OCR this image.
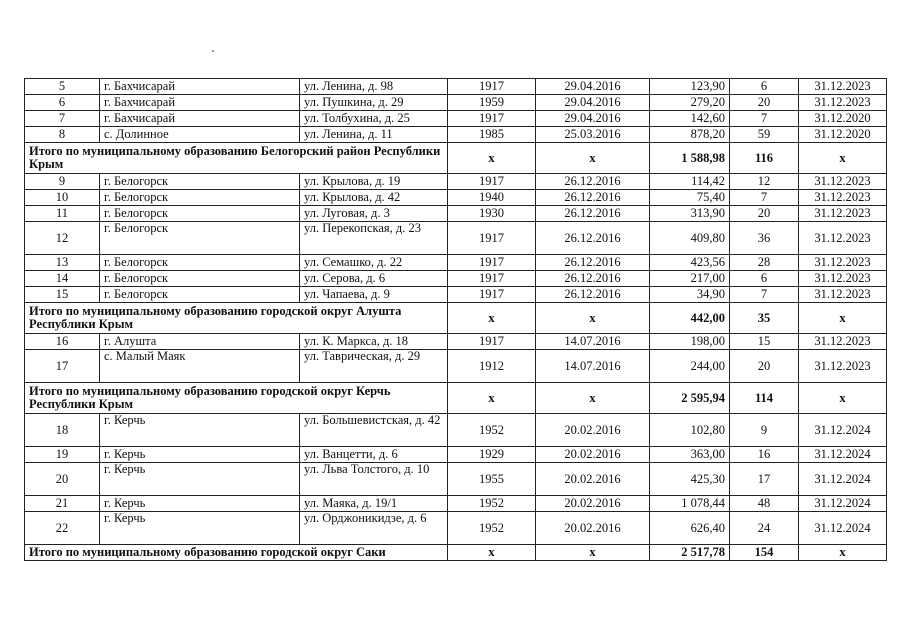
5	г. Бахчисарай	ул. Ленина, д. 98	1917	29.04.2016	123,90	6	31.12.2023
6	г. Бахчисарай	ул. Пушкина, д. 29	1959	29.04.2016	279,20	20	31.12.2023
7	г. Бахчисарай	ул. Толбухина, д. 25	1917	29.04.2016	142,60	7	31.12.2020
8	с. Долинное	ул. Ленина, д. 11	1985	25.03.2016	878,20	59	31.12.2020
Итого по муниципальному образованию Белогорский район Республики Крым			х	х	1 588,98	116	х
9	г. Белогорск	ул. Крылова, д. 19	1917	26.12.2016	114,42	12	31.12.2023
10	г. Белогорск	ул. Крылова, д. 42	1940	26.12.2016	75,40	7	31.12.2023
11	г. Белогорск	ул. Луговая, д. 3	1930	26.12.2016	313,90	20	31.12.2023
12	г. Белогорск	ул. Перекопская, д. 23	1917	26.12.2016	409,80	36	31.12.2023
13	г. Белогорск	ул. Семашко, д. 22	1917	26.12.2016	423,56	28	31.12.2023
14	г. Белогорск	ул. Серова, д. 6	1917	26.12.2016	217,00	6	31.12.2023
15	г. Белогорск	ул. Чапаева, д. 9	1917	26.12.2016	34,90	7	31.12.2023
Итого по муниципальному образованию городской округ Алушта Республики Крым			х	х	442,00	35	х
16	г. Алушта	ул. К. Маркса, д. 18	1917	14.07.2016	198,00	15	31.12.2023
17	с. Малый Маяк	ул. Таврическая, д. 29	1912	14.07.2016	244,00	20	31.12.2023
Итого по муниципальному образованию городской округ Керчь Республики Крым			х	х	2 595,94	114	х
18	г. Керчь	ул. Большевистская, д. 42	1952	20.02.2016	102,80	9	31.12.2024
19	г. Керчь	ул. Ванцетти, д. 6	1929	20.02.2016	363,00	16	31.12.2024
20	г. Керчь	ул. Льва Толстого, д. 10	1955	20.02.2016	425,30	17	31.12.2024
21	г. Керчь	ул. Маяка, д. 19/1	1952	20.02.2016	1 078,44	48	31.12.2024
22	г. Керчь	ул. Орджоникидзе, д. 6	1952	20.02.2016	626,40	24	31.12.2024
Итого по муниципальному образованию городской округ Саки			х	х	2 517,78	154	х
